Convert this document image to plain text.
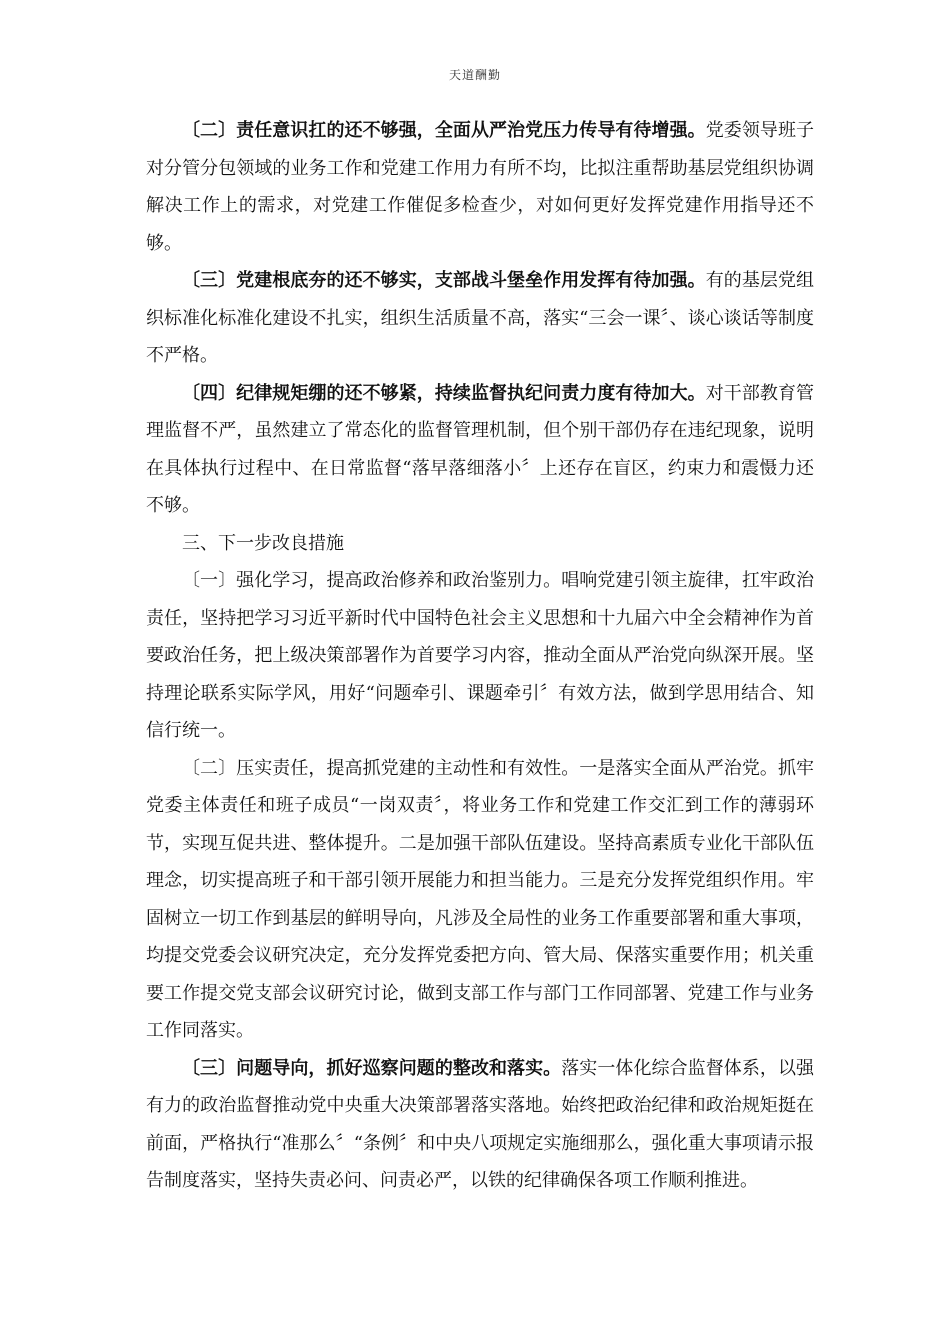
天道酬勤

〔二〕责任意识扛的还不够强，全面从严治党压力传导有待增强。党委领导班子对分管分包领域的业务工作和党建工作用力有所不均，比拟注重帮助基层党组织协调解决工作上的需求，对党建工作催促多检查少，对如何更好发挥党建作用指导还不够。

〔三〕党建根底夯的还不够实，支部战斗堡垒作用发挥有待加强。有的基层党组织标准化标准化建设不扎实，组织生活质量不高，落实“三会一课〞、谈心谈话等制度不严格。

〔四〕纪律规矩绷的还不够紧，持续监督执纪问责力度有待加大。对干部教育管理监督不严，虽然建立了常态化的监督管理机制，但个别干部仍存在违纪现象，说明在具体执行过程中、在日常监督“落早落细落小〞上还存在盲区，约束力和震慑力还不够。

三、下一步改良措施

〔一〕强化学习，提高政治修养和政治鉴别力。唱响党建引领主旋律，扛牢政治责任，坚持把学习习近平新时代中国特色社会主义思想和十九届六中全会精神作为首要政治任务，把上级决策部署作为首要学习内容，推动全面从严治党向纵深开展。坚持理论联系实际学风，用好“问题牵引、课题牵引〞有效方法，做到学思用结合、知信行统一。

〔二〕压实责任，提高抓党建的主动性和有效性。一是落实全面从严治党。抓牢党委主体责任和班子成员“一岗双责〞，将业务工作和党建工作交汇到工作的薄弱环节，实现互促共进、整体提升。二是加强干部队伍建设。坚持高素质专业化干部队伍理念，切实提高班子和干部引领开展能力和担当能力。三是充分发挥党组织作用。牢固树立一切工作到基层的鲜明导向，凡涉及全局性的业务工作重要部署和重大事项，均提交党委会议研究决定，充分发挥党委把方向、管大局、保落实重要作用；机关重要工作提交党支部会议研究讨论，做到支部工作与部门工作同部署、党建工作与业务工作同落实。

〔三〕问题导向，抓好巡察问题的整改和落实。落实一体化综合监督体系，以强有力的政治监督推动党中央重大决策部署落实落地。始终把政治纪律和政治规矩挺在前面，严格执行“准那么〞“条例〞和中央八项规定实施细那么，强化重大事项请示报告制度落实，坚持失责必问、问责必严，以铁的纪律确保各项工作顺利推进。
